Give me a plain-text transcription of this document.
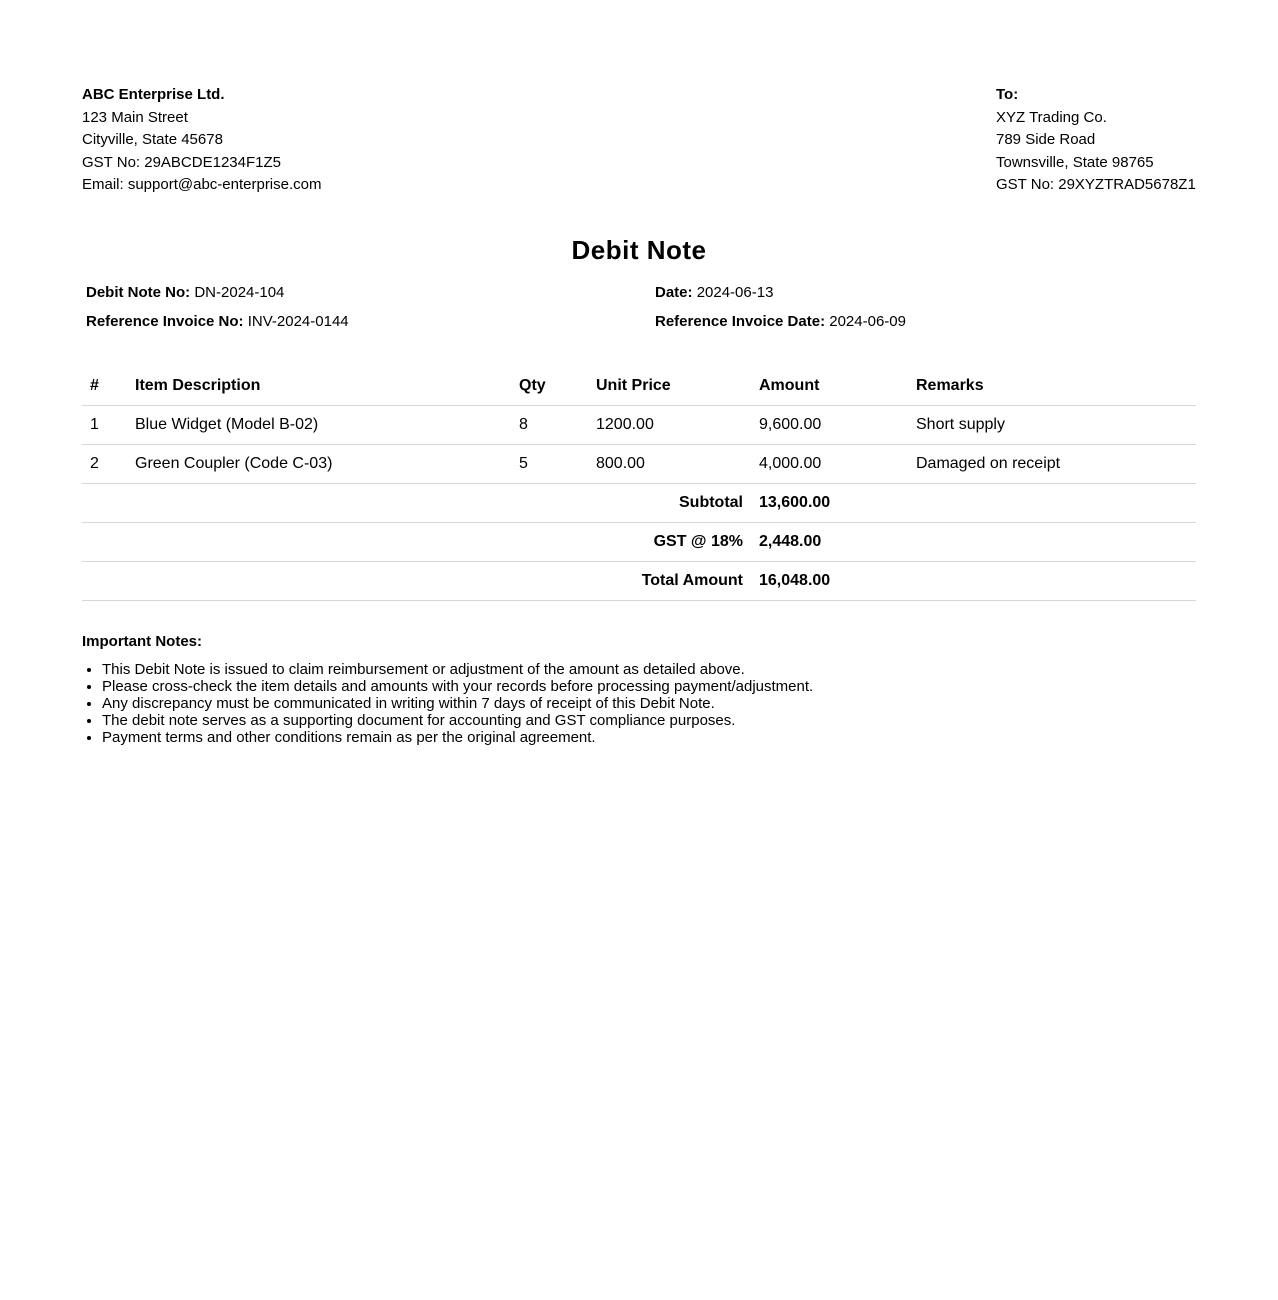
ABC Enterprise Ltd.
123 Main Street
Cityville, State 45678
GST No: 29ABCDE1234F1Z5
Email: support@abc-enterprise.com
To:
XYZ Trading Co.
789 Side Road
Townsville, State 98765
GST No: 29XYZTRAD5678Z1
Debit Note
Debit Note No: DN-2024-104	Date: 2024-06-13
Reference Invoice No: INV-2024-0144	Reference Invoice Date: 2024-06-09
#	Item Description	Qty	Unit Price	Amount	Remarks
1	Blue Widget (Model B-02)	8	1200.00	9,600.00	Short supply
2	Green Coupler (Code C-03)	5	800.00	4,000.00	Damaged on receipt
Subtotal				13,600.00	
GST @ 18%				2,448.00	
Total Amount				16,048.00	
Important Notes:
• This Debit Note is issued to claim reimbursement or adjustment of the amount as detailed above.
• Please cross-check the item details and amounts with your records before processing payment/adjustment.
• Any discrepancy must be communicated in writing within 7 days of receipt of this Debit Note.
• The debit note serves as a supporting document for accounting and GST compliance purposes.
• Payment terms and other conditions remain as per the original agreement.
